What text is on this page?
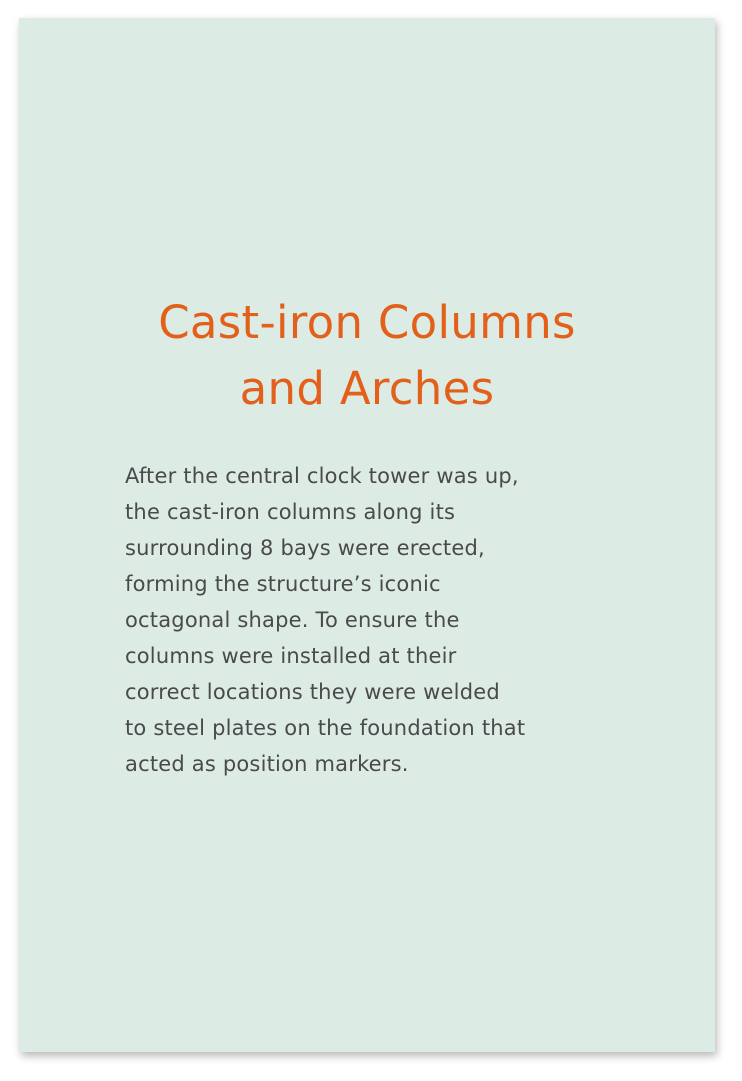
Cast-iron Columns
and Arches

After the central clock tower was up,
the cast-iron columns along its
surrounding 8 bays were erected,
forming the structure’s iconic
octagonal shape. To ensure the
columns were installed at their
correct locations they were welded
to steel plates on the foundation that
acted as position markers.
